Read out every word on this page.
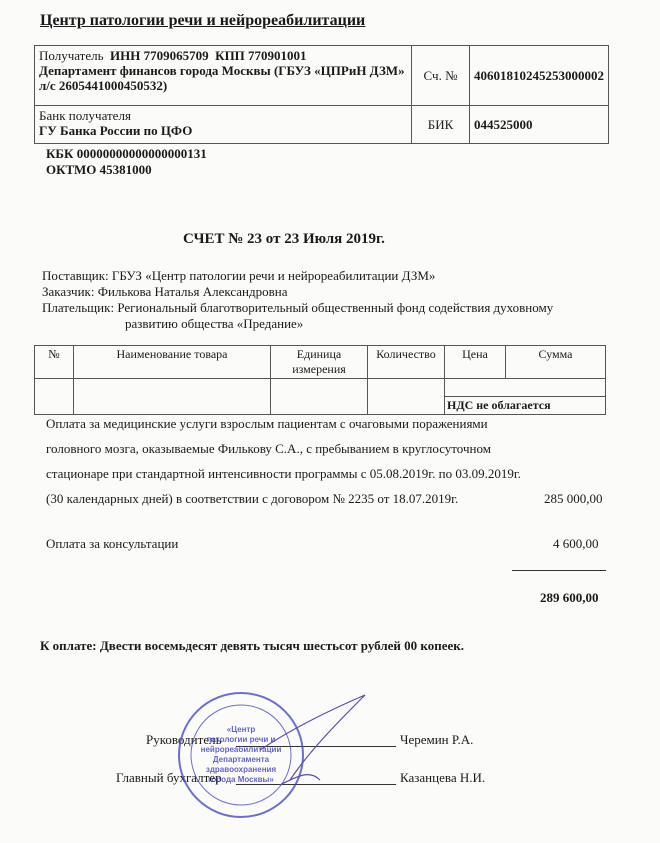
Центр патологии речи и нейрореабилитации
Получатель ИНН 7709065709 КПП 770901001
Департамент финансов города Москвы (ГБУЗ «ЦПРиН ДЗМ» л/с 2605441000450532)	Сч. №	40601810245253000002
Банк получателя
ГУ Банка России по ЦФО	БИК	044525000
КБК 00000000000000000131
ОКТМО 45381000
СЧЕТ № 23 от 23 Июля 2019г.
Поставщик: ГБУЗ «Центр патологии речи и нейрореабилитации ДЗМ»
Заказчик: Филькова Наталья Александровна
Плательщик: Региональный благотворительный общественный фонд содействия духовному
развитию общества «Предание»
№	Наименование товара	Единица измерения	Количество	Цена	Сумма

				НДС не облагается	
Оплата за медицинские услуги взрослым пациентам с очаговыми поражениями
головного мозга, оказываемые Филькову С.А., с пребыванием в круглосуточном
стационаре при стандартной интенсивности программы с 05.08.2019г. по 03.09.2019г.
(30 календарных дней) в соответствии с договором № 2235 от 18.07.2019г.	285 000,00
Оплата за консультации	4 600,00
289 600,00
К оплате: Двести восемьдесят девять тысяч шестьсот рублей 00 копеек.
Руководитель	Черемин Р.А.
Главный бухгалтер	Казанцева Н.И.
«Центр
патологии речи и
нейрореабилитации
Департамента
здравоохранения
города Москвы»
